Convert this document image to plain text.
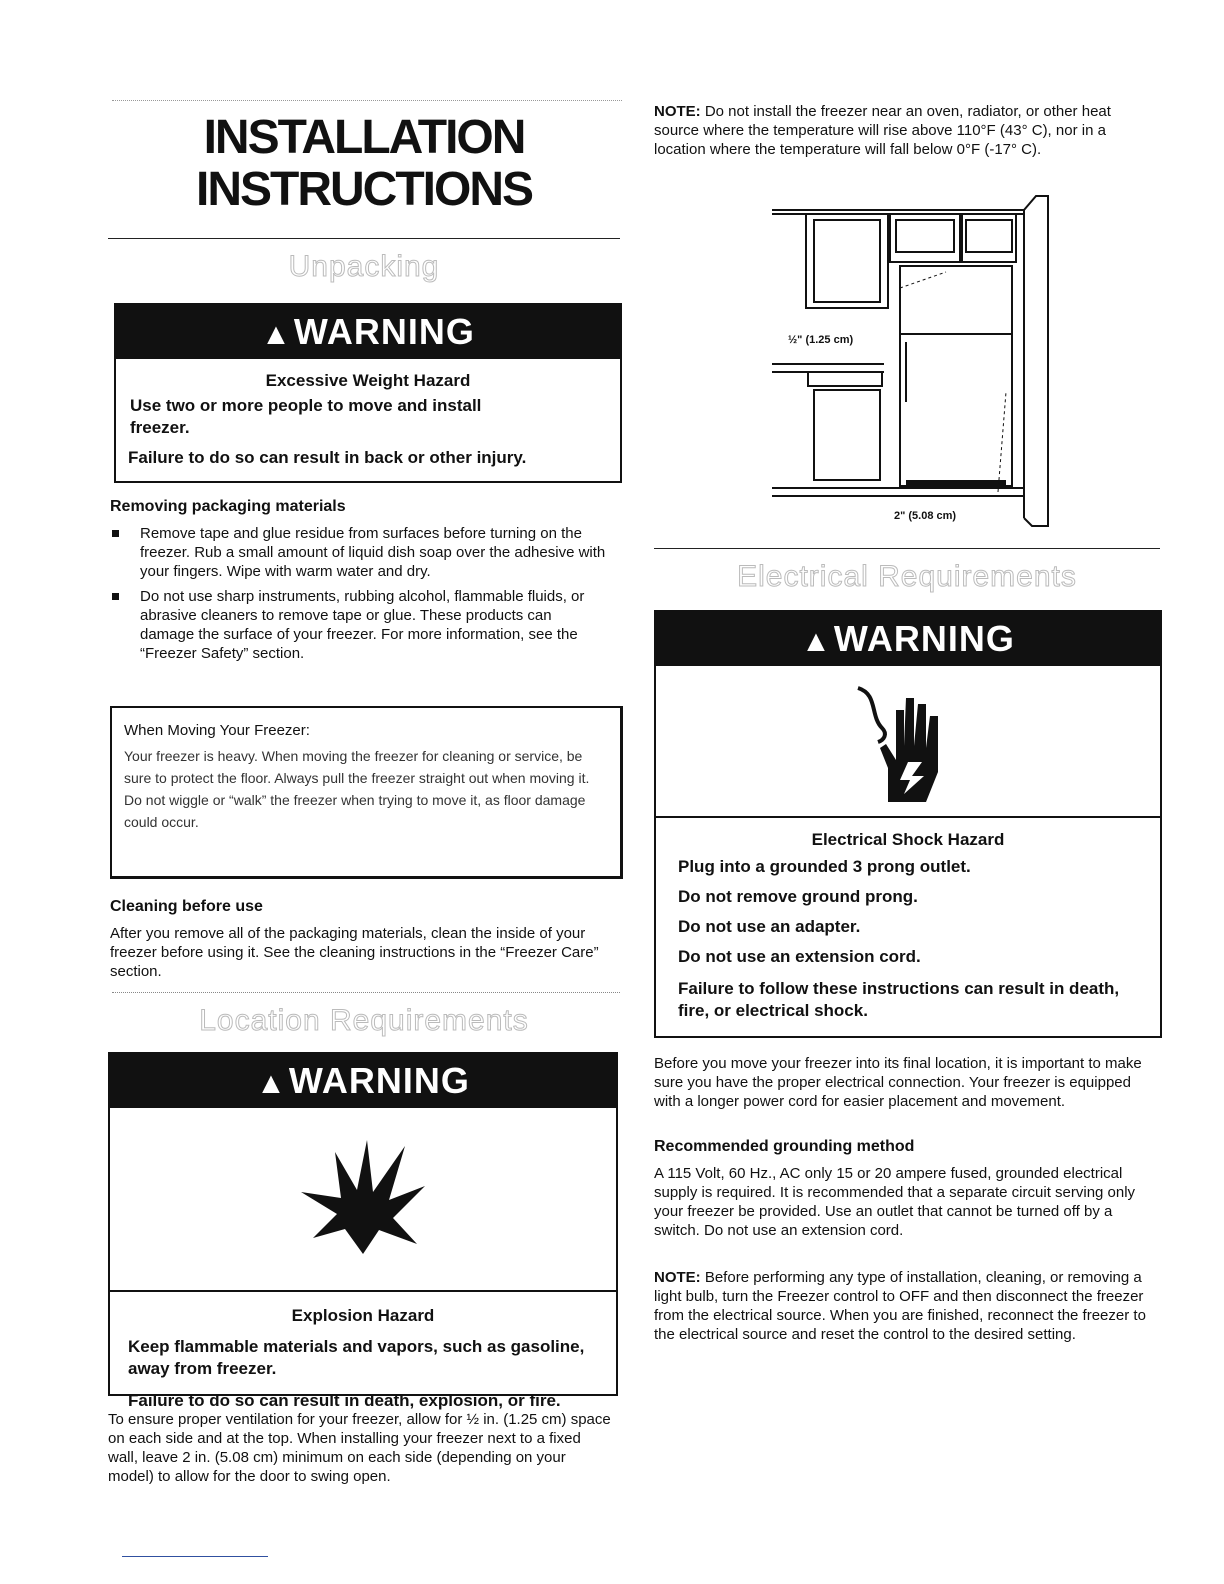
INSTALLATION
INSTRUCTIONS
Unpacking
▲WARNING
Excessive Weight Hazard
Use two or more people to move and install
freezer.
Failure to do so can result in back or other injury.
Removing packaging materials
Remove tape and glue residue from surfaces before turning on the freezer. Rub a small amount of liquid dish soap over the adhesive with your fingers. Wipe with warm water and dry.
Do not use sharp instruments, rubbing alcohol, flammable fluids, or abrasive cleaners to remove tape or glue. These products can damage the surface of your freezer. For more information, see the “Freezer Safety” section.
When Moving Your Freezer:
Your freezer is heavy. When moving the freezer for cleaning or service, be sure to protect the floor. Always pull the freezer straight out when moving it. Do not wiggle or “walk” the freezer when trying to move it, as floor damage could occur.
Cleaning before use
After you remove all of the packaging materials, clean the inside of your freezer before using it. See the cleaning instructions in the “Freezer Care” section.
Location Requirements
▲WARNING
Explosion Hazard
Keep flammable materials and vapors, such as gasoline, away from freezer.
Failure to do so can result in death, explosion, or fire.
To ensure proper ventilation for your freezer, allow for ½ in. (1.25 cm) space on each side and at the top. When installing your freezer next to a fixed wall, leave 2 in. (5.08 cm) minimum on each side (depending on your model) to allow for the door to swing open.
NOTE: Do not install the freezer near an oven, radiator, or other heat source where the temperature will rise above 110°F (43° C), nor in a location where the temperature will fall below 0°F (-17° C).
½" (1.25 cm)
2" (5.08 cm)
Electrical Requirements
▲WARNING
Electrical Shock Hazard
Plug into a grounded 3 prong outlet.
Do not remove ground prong.
Do not use an adapter.
Do not use an extension cord.
Failure to follow these instructions can result in death, fire, or electrical shock.
Before you move your freezer into its final location, it is important to make sure you have the proper electrical connection. Your freezer is equipped with a longer power cord for easier placement and movement.
Recommended grounding method
A 115 Volt, 60 Hz., AC only 15 or 20 ampere fused, grounded electrical supply is required. It is recommended that a separate circuit serving only your freezer be provided. Use an outlet that cannot be turned off by a switch. Do not use an extension cord.
NOTE: Before performing any type of installation, cleaning, or removing a light bulb, turn the Freezer control to OFF and then disconnect the freezer from the electrical source. When you are finished, reconnect the freezer to the electrical source and reset the control to the desired setting.
